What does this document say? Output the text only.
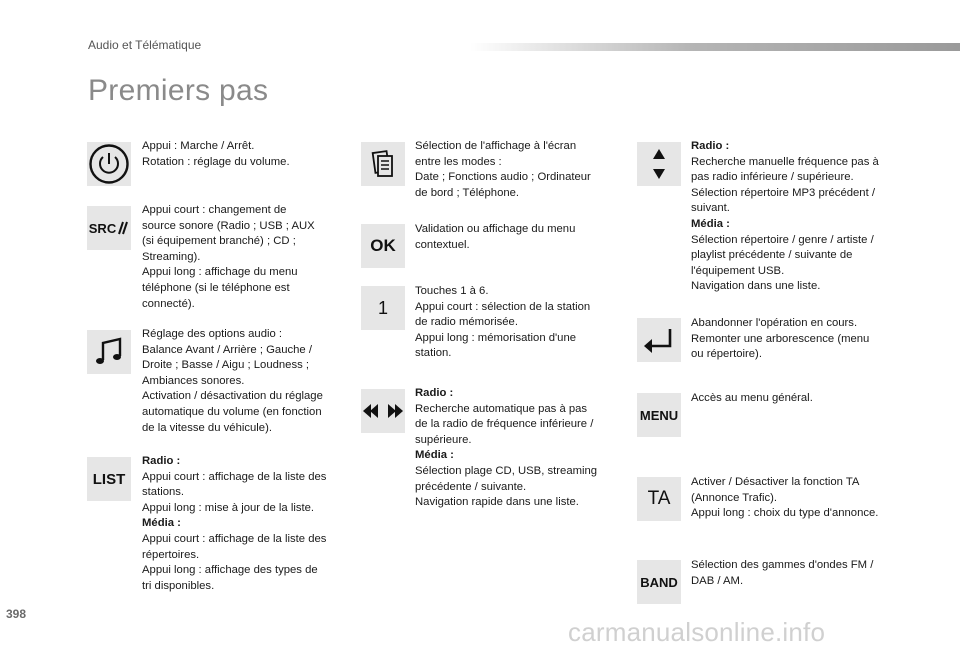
Audio et Télématique
Premiers pas
Appui : Marche / Arrêt.
Rotation : réglage du volume.
SRC
Appui court : changement de
source sonore (Radio ; USB ; AUX
(si équipement branché) ; CD ;
Streaming).
Appui long : affichage du menu
téléphone (si le téléphone est
connecté).
Réglage des options audio :
Balance Avant / Arrière ; Gauche /
Droite ; Basse / Aigu ; Loudness ;
Ambiances sonores.
Activation / désactivation du réglage
automatique du volume (en fonction
de la vitesse du véhicule).
LIST
Radio :
Appui court : affichage de la liste des
stations.
Appui long : mise à jour de la liste.
Média :
Appui court : affichage de la liste des
répertoires.
Appui long : affichage des types de
tri disponibles.
Sélection de l'affichage à l'écran
entre les modes :
Date ; Fonctions audio ; Ordinateur
de bord ; Téléphone.
OK
Validation ou affichage du menu
contextuel.
1
Touches 1 à 6.
Appui court : sélection de la station
de radio mémorisée.
Appui long : mémorisation d'une
station.
Radio :
Recherche automatique pas à pas
de la radio de fréquence inférieure /
supérieure.
Média :
Sélection plage CD, USB, streaming
précédente / suivante.
Navigation rapide dans une liste.
Radio :
Recherche manuelle fréquence pas à
pas radio inférieure / supérieure.
Sélection répertoire MP3 précédent /
suivant.
Média :
Sélection répertoire / genre / artiste /
playlist précédente / suivante de
l'équipement USB.
Navigation dans une liste.
Abandonner l'opération en cours.
Remonter une arborescence (menu
ou répertoire).
MENU
Accès au menu général.
TA
Activer / Désactiver la fonction TA
(Annonce Trafic).
Appui long : choix du type d'annonce.
BAND
Sélection des gammes d'ondes FM /
DAB / AM.
398
carmanualsonline.info
